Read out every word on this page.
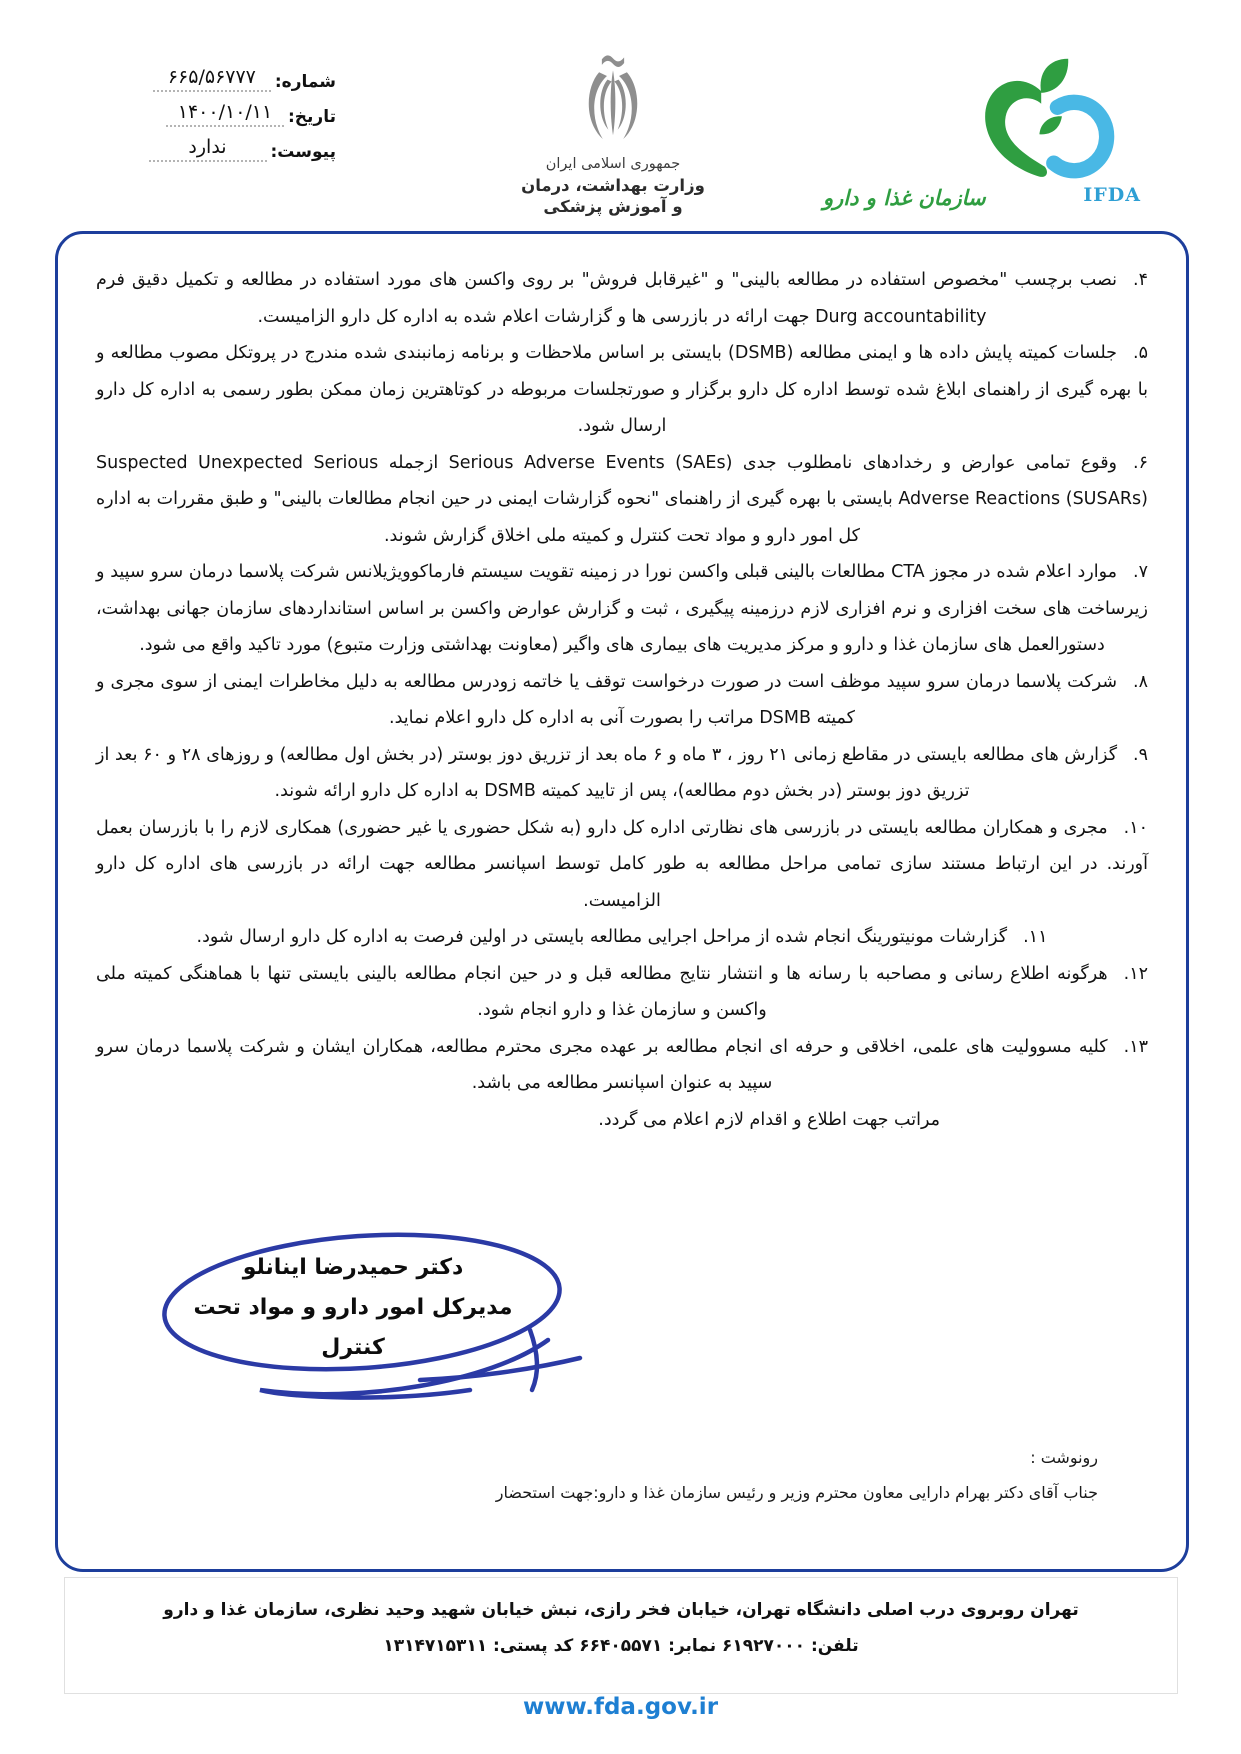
شماره:
۶۶۵/۵۶۷۷۷
تاریخ:
۱۴۰۰/۱۰/۱۱
پیوست:
ندارد
جمهوری اسلامی ایران
وزارت بهداشت، درمان
و آموزش پزشکی
IFDA
سازمان غذا و دارو
۴.نصب برچسب "مخصوص استفاده در مطالعه بالینی" و "غیرقابل فروش" بر روی واکسن های مورد استفاده در مطالعه و تکمیل دقیق فرم Durg accountability جهت ارائه در بازرسی ها و گزارشات اعلام شده به اداره کل دارو الزامیست.
۵.جلسات کمیته پایش داده ها و ایمنی مطالعه (DSMB) بایستی بر اساس ملاحظات و برنامه زمانبندی شده مندرج در پروتکل مصوب مطالعه و با بهره گیری از راهنمای ابلاغ شده توسط اداره کل دارو برگزار و صورتجلسات مربوطه در کوتاهترین زمان ممکن بطور رسمی به اداره کل دارو ارسال شود.
۶.وقوع تمامی عوارض و رخدادهای نامطلوب جدی Serious Adverse Events (SAEs) ازجمله Suspected Unexpected Serious Adverse Reactions (SUSARs) بایستی با بهره گیری از راهنمای "نحوه گزارشات ایمنی در حین انجام مطالعات بالینی" و طبق مقررات به اداره کل امور دارو و مواد تحت کنترل و کمیته ملی اخلاق گزارش شوند.
۷.موارد اعلام شده در مجوز CTA مطالعات بالینی قبلی واکسن نورا در زمینه تقویت سیستم فارماکوویژیلانس شرکت پلاسما درمان سرو سپید و زیرساخت های سخت افزاری و نرم افزاری لازم درزمینه پیگیری ، ثبت و گزارش عوارض واکسن بر اساس استانداردهای سازمان جهانی بهداشت، دستورالعمل های سازمان غذا و دارو و مرکز مدیریت های بیماری های واگیر (معاونت بهداشتی وزارت متبوع) مورد تاکید واقع می شود.
۸.شرکت پلاسما درمان سرو سپید موظف است در صورت درخواست توقف یا خاتمه زودرس مطالعه به دلیل مخاطرات ایمنی از سوی مجری و کمیته DSMB مراتب را بصورت آنی به اداره کل دارو اعلام نماید.
۹.گزارش های مطالعه بایستی در مقاطع زمانی ۲۱ روز ، ۳ ماه و ۶ ماه بعد از تزریق دوز بوستر (در بخش اول مطالعه) و روزهای ۲۸ و ۶۰ بعد از تزریق دوز بوستر (در بخش دوم مطالعه)، پس از تایید کمیته DSMB به اداره کل دارو ارائه شوند.
۱۰.مجری و همکاران مطالعه بایستی در بازرسی های نظارتی اداره کل دارو (به شکل حضوری یا غیر حضوری) همکاری لازم را با بازرسان بعمل آورند. در این ارتباط مستند سازی تمامی مراحل مطالعه به طور کامل توسط اسپانسر مطالعه جهت ارائه در بازرسی های اداره کل دارو الزامیست.
۱۱.گزارشات مونیتورینگ انجام شده از مراحل اجرایی مطالعه بایستی در اولین فرصت به اداره کل دارو ارسال شود.
۱۲.هرگونه اطلاع رسانی و مصاحبه با رسانه ها و انتشار نتایج مطالعه قبل و در حین انجام مطالعه بالینی بایستی تنها با هماهنگی کمیته ملی واکسن و سازمان غذا و دارو انجام شود.
۱۳.کلیه مسوولیت های علمی، اخلاقی و حرفه ای انجام مطالعه بر عهده مجری محترم مطالعه، همکاران ایشان و شرکت پلاسما درمان سرو سپید به عنوان اسپانسر مطالعه می باشد.
مراتب جهت اطلاع و اقدام لازم اعلام می گردد.
دکتر حمیدرضا اینانلو
مدیرکل امور دارو و مواد تحت کنترل
رونوشت :
جناب آقای دکتر بهرام دارایی معاون محترم وزیر و رئیس سازمان غذا و دارو:جهت استحضار
تهران روبروی درب اصلی دانشگاه تهران، خیابان فخر رازی، نبش خیابان شهید وحید نظری، سازمان غذا و دارو
تلفن: ۶۱۹۲۷۰۰۰ نمابر: ۶۶۴۰۵۵۷۱ کد پستی: ۱۳۱۴۷۱۵۳۱۱
www.fda.gov.ir
